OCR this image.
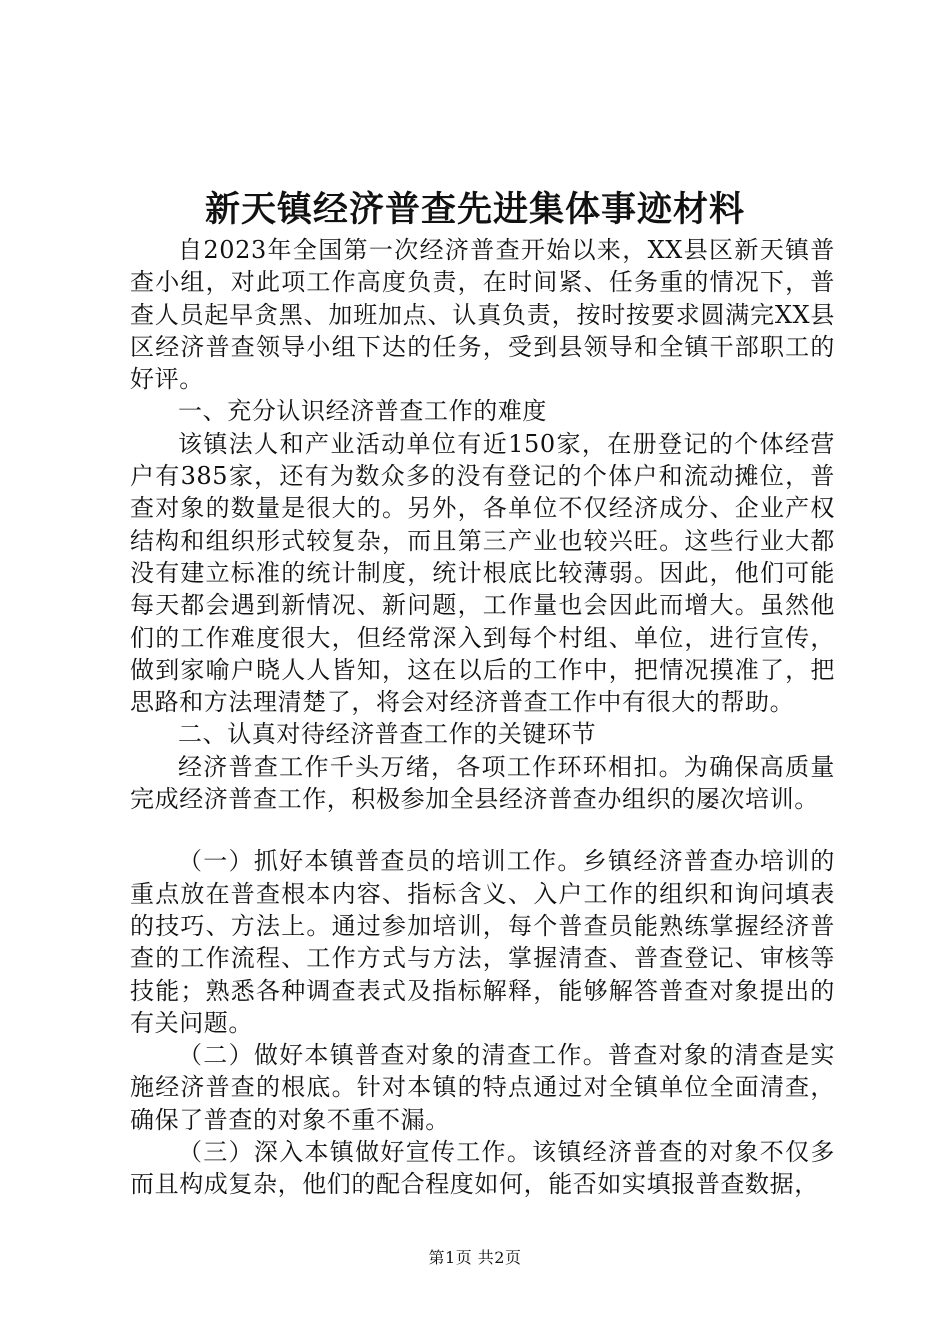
新天镇经济普查先进集体事迹材料

自2023年全国第一次经济普查开始以来，XX县区新天镇普查小组，对此项工作高度负责，在时间紧、任务重的情况下，普查人员起早贪黑、加班加点、认真负责，按时按要求圆满完XX县区经济普查领导小组下达的任务，受到县领导和全镇干部职工的好评。

一、充分认识经济普查工作的难度

该镇法人和产业活动单位有近150家，在册登记的个体经营户有385家，还有为数众多的没有登记的个体户和流动摊位，普查对象的数量是很大的。另外，各单位不仅经济成分、企业产权结构和组织形式较复杂，而且第三产业也较兴旺。这些行业大都没有建立标准的统计制度，统计根底比较薄弱。因此，他们可能每天都会遇到新情况、新问题，工作量也会因此而增大。虽然他们的工作难度很大，但经常深入到每个村组、单位，进行宣传，做到家喻户晓人人皆知，这在以后的工作中，把情况摸准了，把思路和方法理清楚了，将会对经济普查工作中有很大的帮助。

二、认真对待经济普查工作的关键环节

经济普查工作千头万绪，各项工作环环相扣。为确保高质量完成经济普查工作，积极参加全县经济普查办组织的屡次培训。

（一）抓好本镇普查员的培训工作。乡镇经济普查办培训的重点放在普查根本内容、指标含义、入户工作的组织和询问填表的技巧、方法上。通过参加培训，每个普查员能熟练掌握经济普查的工作流程、工作方式与方法，掌握清查、普查登记、审核等技能；熟悉各种调查表式及指标解释，能够解答普查对象提出的有关问题。

（二）做好本镇普查对象的清查工作。普查对象的清查是实施经济普查的根底。针对本镇的特点通过对全镇单位全面清查，确保了普查的对象不重不漏。

（三）深入本镇做好宣传工作。该镇经济普查的对象不仅多而且构成复杂，他们的配合程度如何，能否如实填报普查数据，

第1页 共2页
